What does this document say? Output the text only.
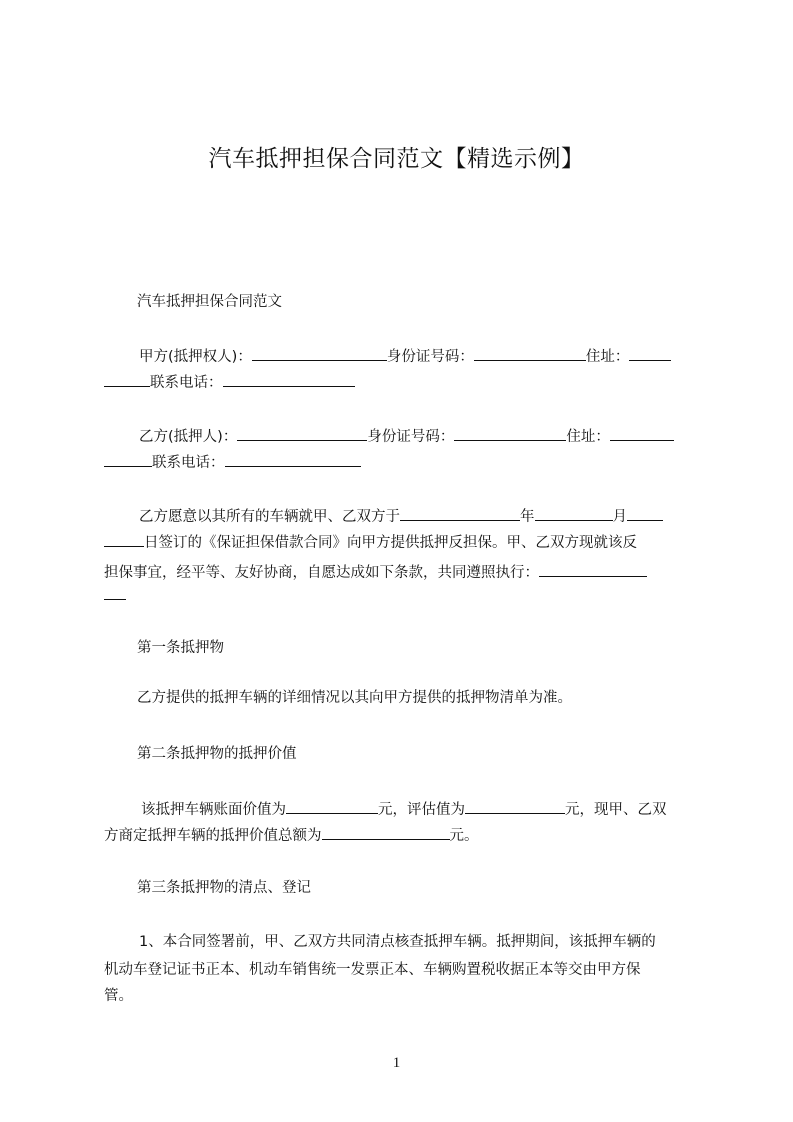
汽车抵押担保合同范文【精选示例】
汽车抵押担保合同范文
甲方(抵押权人)：	身份证号码：	住址：
联系电话：
乙方(抵押人)：	身份证号码：	住址：
联系电话：
乙方愿意以其所有的车辆就甲、乙双方于	年	月
日签订的《保证担保借款合同》向甲方提供抵押反担保。甲、乙双方现就该反
担保事宜，经平等、友好协商，自愿达成如下条款，共同遵照执行：
第一条抵押物
乙方提供的抵押车辆的详细情况以其向甲方提供的抵押物清单为准。
第二条抵押物的抵押价值
该抵押车辆账面价值为	元，评估值为	元，现甲、乙双
方商定抵押车辆的抵押价值总额为	元。
第三条抵押物的清点、登记
1、本合同签署前，甲、乙双方共同清点核查抵押车辆。抵押期间，该抵押车辆的
机动车登记证书正本、机动车销售统一发票正本、车辆购置税收据正本等交由甲方保
管。
1
